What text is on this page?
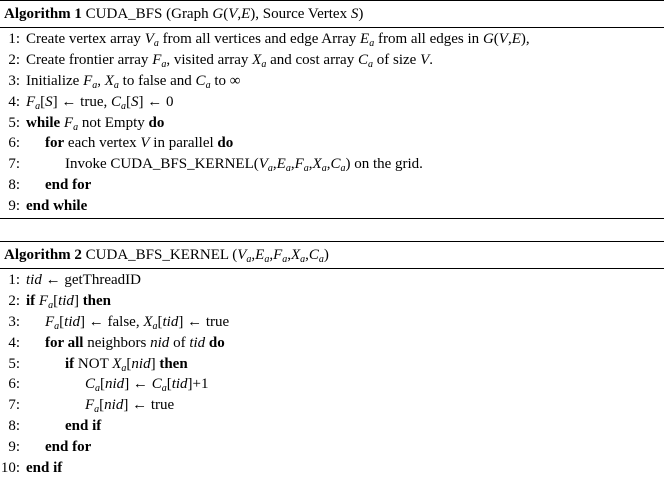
Algorithm 1 CUDA_BFS (Graph G(V,E), Source Vertex S)
1: Create vertex array $V_a$ from all vertices and edge Array $E_a$ from all edges in G(V,E),
2: Create frontier array $F_a$, visited array $X_a$ and cost array $C_a$ of size V.
3: Initialize $F_a$, $X_a$ to false and $C_a$ to ∞
4: $F_a[S]$ ← true, $C_a[S]$ ← 0
5: while $F_a$ not Empty do
6: for each vertex V in parallel do
7:	Invoke $CUDA\_BFS\_KERNEL(V_a,E_a,F_a,X_a,C_a)$ on the grid.
8: end for
9: end while
Algorithm 2 CUDA_BFS_KERNEL $(V_a,E_a,F_a,X_a,C_a)$
1: tid ← getThreadID
2: if $F_a[tid]$ then
3: $F_a[tid]$ ← false, $X_a[tid]$ ← true
4: for all neighbors nid of tid do
5:	if NOT $X_a[nid]$ then
6:	$C_a[nid]$ ← $C_a[tid]+1$
7:	$F_a[nid]$ ← true
8:	end if
9: end for
10: end if
